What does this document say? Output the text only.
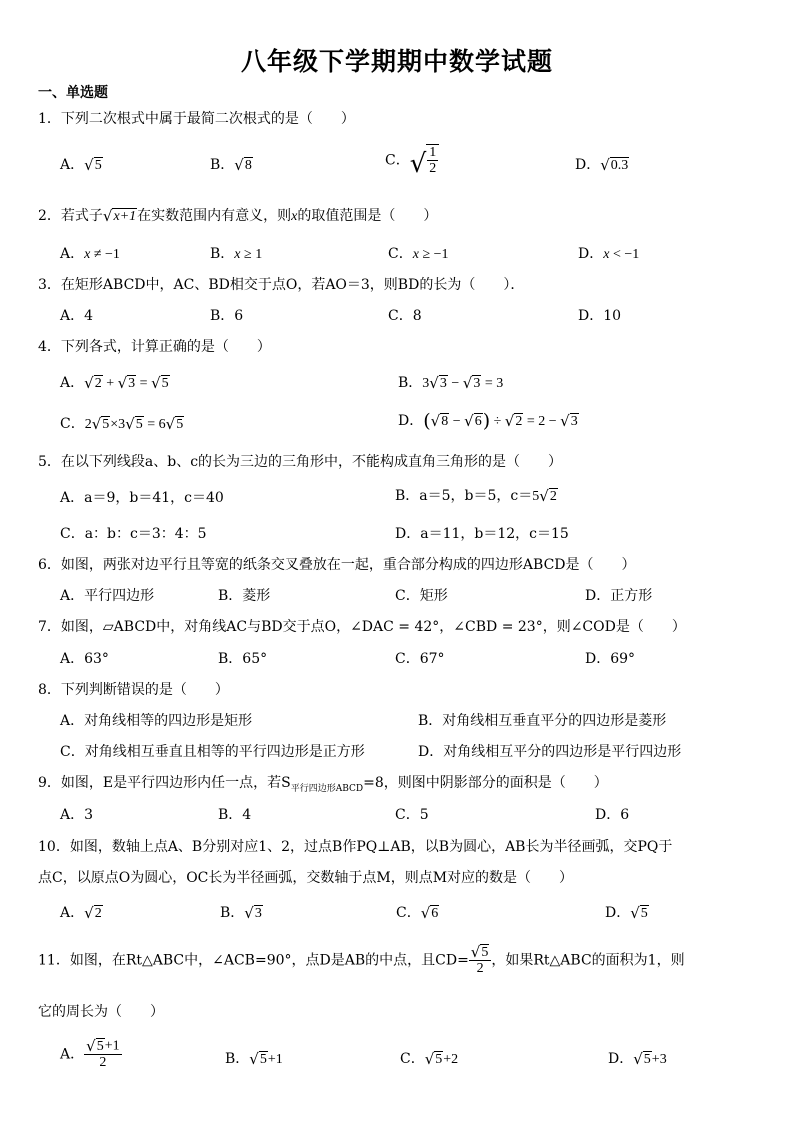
八年级下学期期中数学试题
一、单选题
1．下列二次根式中属于最简二次根式的是（　　）
A． √ 5	B． √ 8	C． √ $\frac{1}{2}$	D． √ 0.3
2．若式子 √ x+1 在实数范围内有意义，则x的取值范围是（　　）
A．x ≠ −1	B．x ≥ 1	C．x ≥ −1	D．x < −1
3．在矩形ABCD中，AC、BD相交于点O，若AO＝3，则BD的长为（　　）．
A．4	B．6	C．8	D．10
4．下列各式，计算正确的是（　　）
A． √ 2 + √ 3 = √ 5	B．3 √ 3 − √ 3 = 3
C．2 √ 5 ×3 √ 5 = 6 √ 5	D．( √ 8 − √ 6 ) ÷ √ 2 = 2 − √ 3
5．在以下列线段a、b、c的长为三边的三角形中，不能构成直角三角形的是（　　）
A．a＝9，b＝41，c＝40	B．a＝5，b＝5，c＝5 √ 2
C．a：b：c＝3：4：5	D．a＝11，b＝12，c＝15
6．如图，两张对边平行且等宽的纸条交叉叠放在一起，重合部分构成的四边形ABCD是（　　）
A．平行四边形	B．菱形	C．矩形	D．正方形
7．如图，▱ABCD中，对角线AC与BD交于点O，∠DAC = 42°，∠CBD = 23°，则∠COD是（　　）
A．63°	B．65°	C．67°	D．69°
8．下列判断错误的是（　　）
A．对角线相等的四边形是矩形	B．对角线相互垂直平分的四边形是菱形
C．对角线相互垂直且相等的平行四边形是正方形	D．对角线相互平分的四边形是平行四边形
9．如图，E是平行四边形内任一点，若$S_{平行四边形ABCD}=8$，则图中阴影部分的面积是（　　）
A．3	B．4	C．5	D．6
10．如图，数轴上点A、B分别对应1、2，过点B作PQ⊥AB，以B为圆心，AB长为半径画弧，交PQ于
点C，以原点O为圆心，OC长为半径画弧，交数轴于点M，则点M对应的数是（　　）
A． √ 2	B． √ 3	C． √ 6	D． √ 5
11．如图，在Rt△ABC中，∠ACB=90°，点D是AB的中点，且$CD= \frac{√ 5}{2}$ ，如果Rt△ABC的面积为1，则
它的周长为（　　）
A． $\frac{√ 5 +1}{2}$	B． √ 5 +1	C． √ 5 +2	D． √ 5 +3
